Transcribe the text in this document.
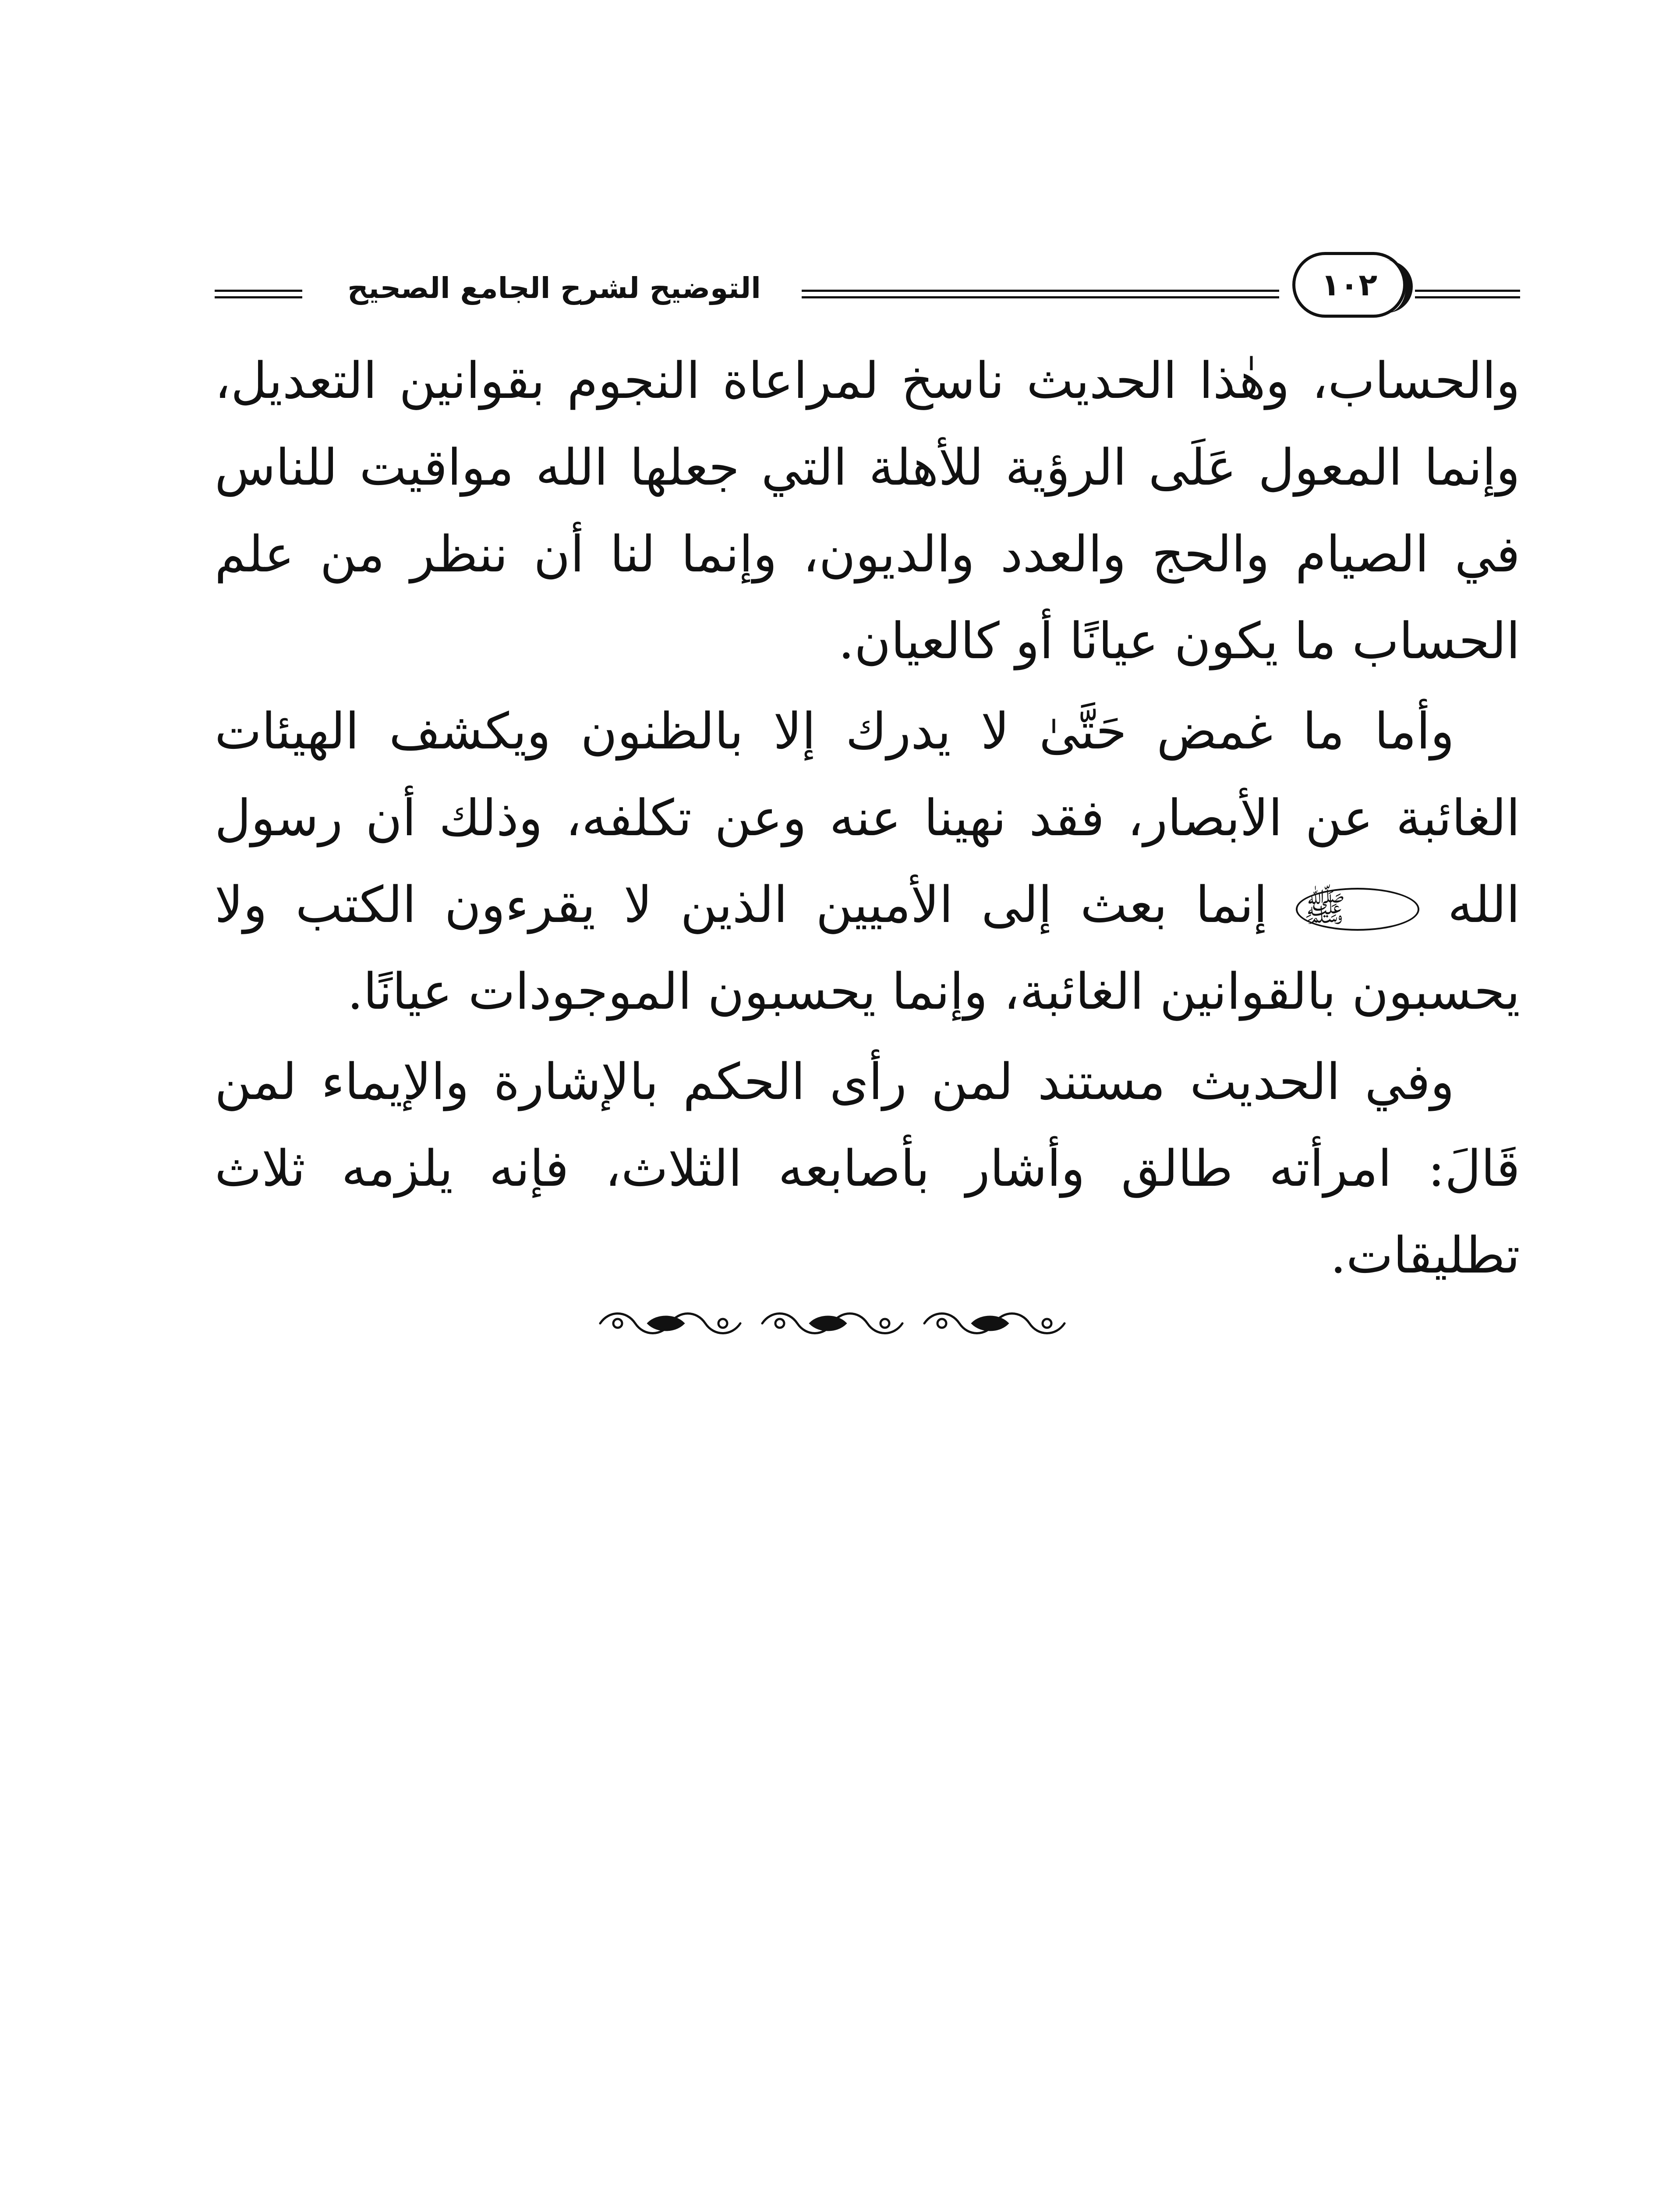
التوضيح لشرح الجامع الصحيح	١٠٢

والحساب، وهٰذا الحديث ناسخ لمراعاة النجوم بقوانين التعديل، وإنما المعول عَلَى الرؤية للأهلة التي جعلها الله مواقيت للناس في الصيام والحج والعدد والديون، وإنما لنا أن ننظر من علم الحساب ما يكون عيانًا أو كالعيان.

وأما ما غمض حَتَّىٰ لا يدرك إلا بالظنون ويكشف الهيئات الغائبة عن الأبصار، فقد نهينا عنه وعن تكلفه، وذلك أن رسول الله ﷺ إنما بعث إلى الأميين الذين لا يقرءون الكتب ولا يحسبون بالقوانين الغائبة، وإنما يحسبون الموجودات عيانًا.

وفي الحديث مستند لمن رأى الحكم بالإشارة والإيماء لمن قَالَ: امرأته طالق وأشار بأصابعه الثلاث، فإنه يلزمه ثلاث تطليقات.
